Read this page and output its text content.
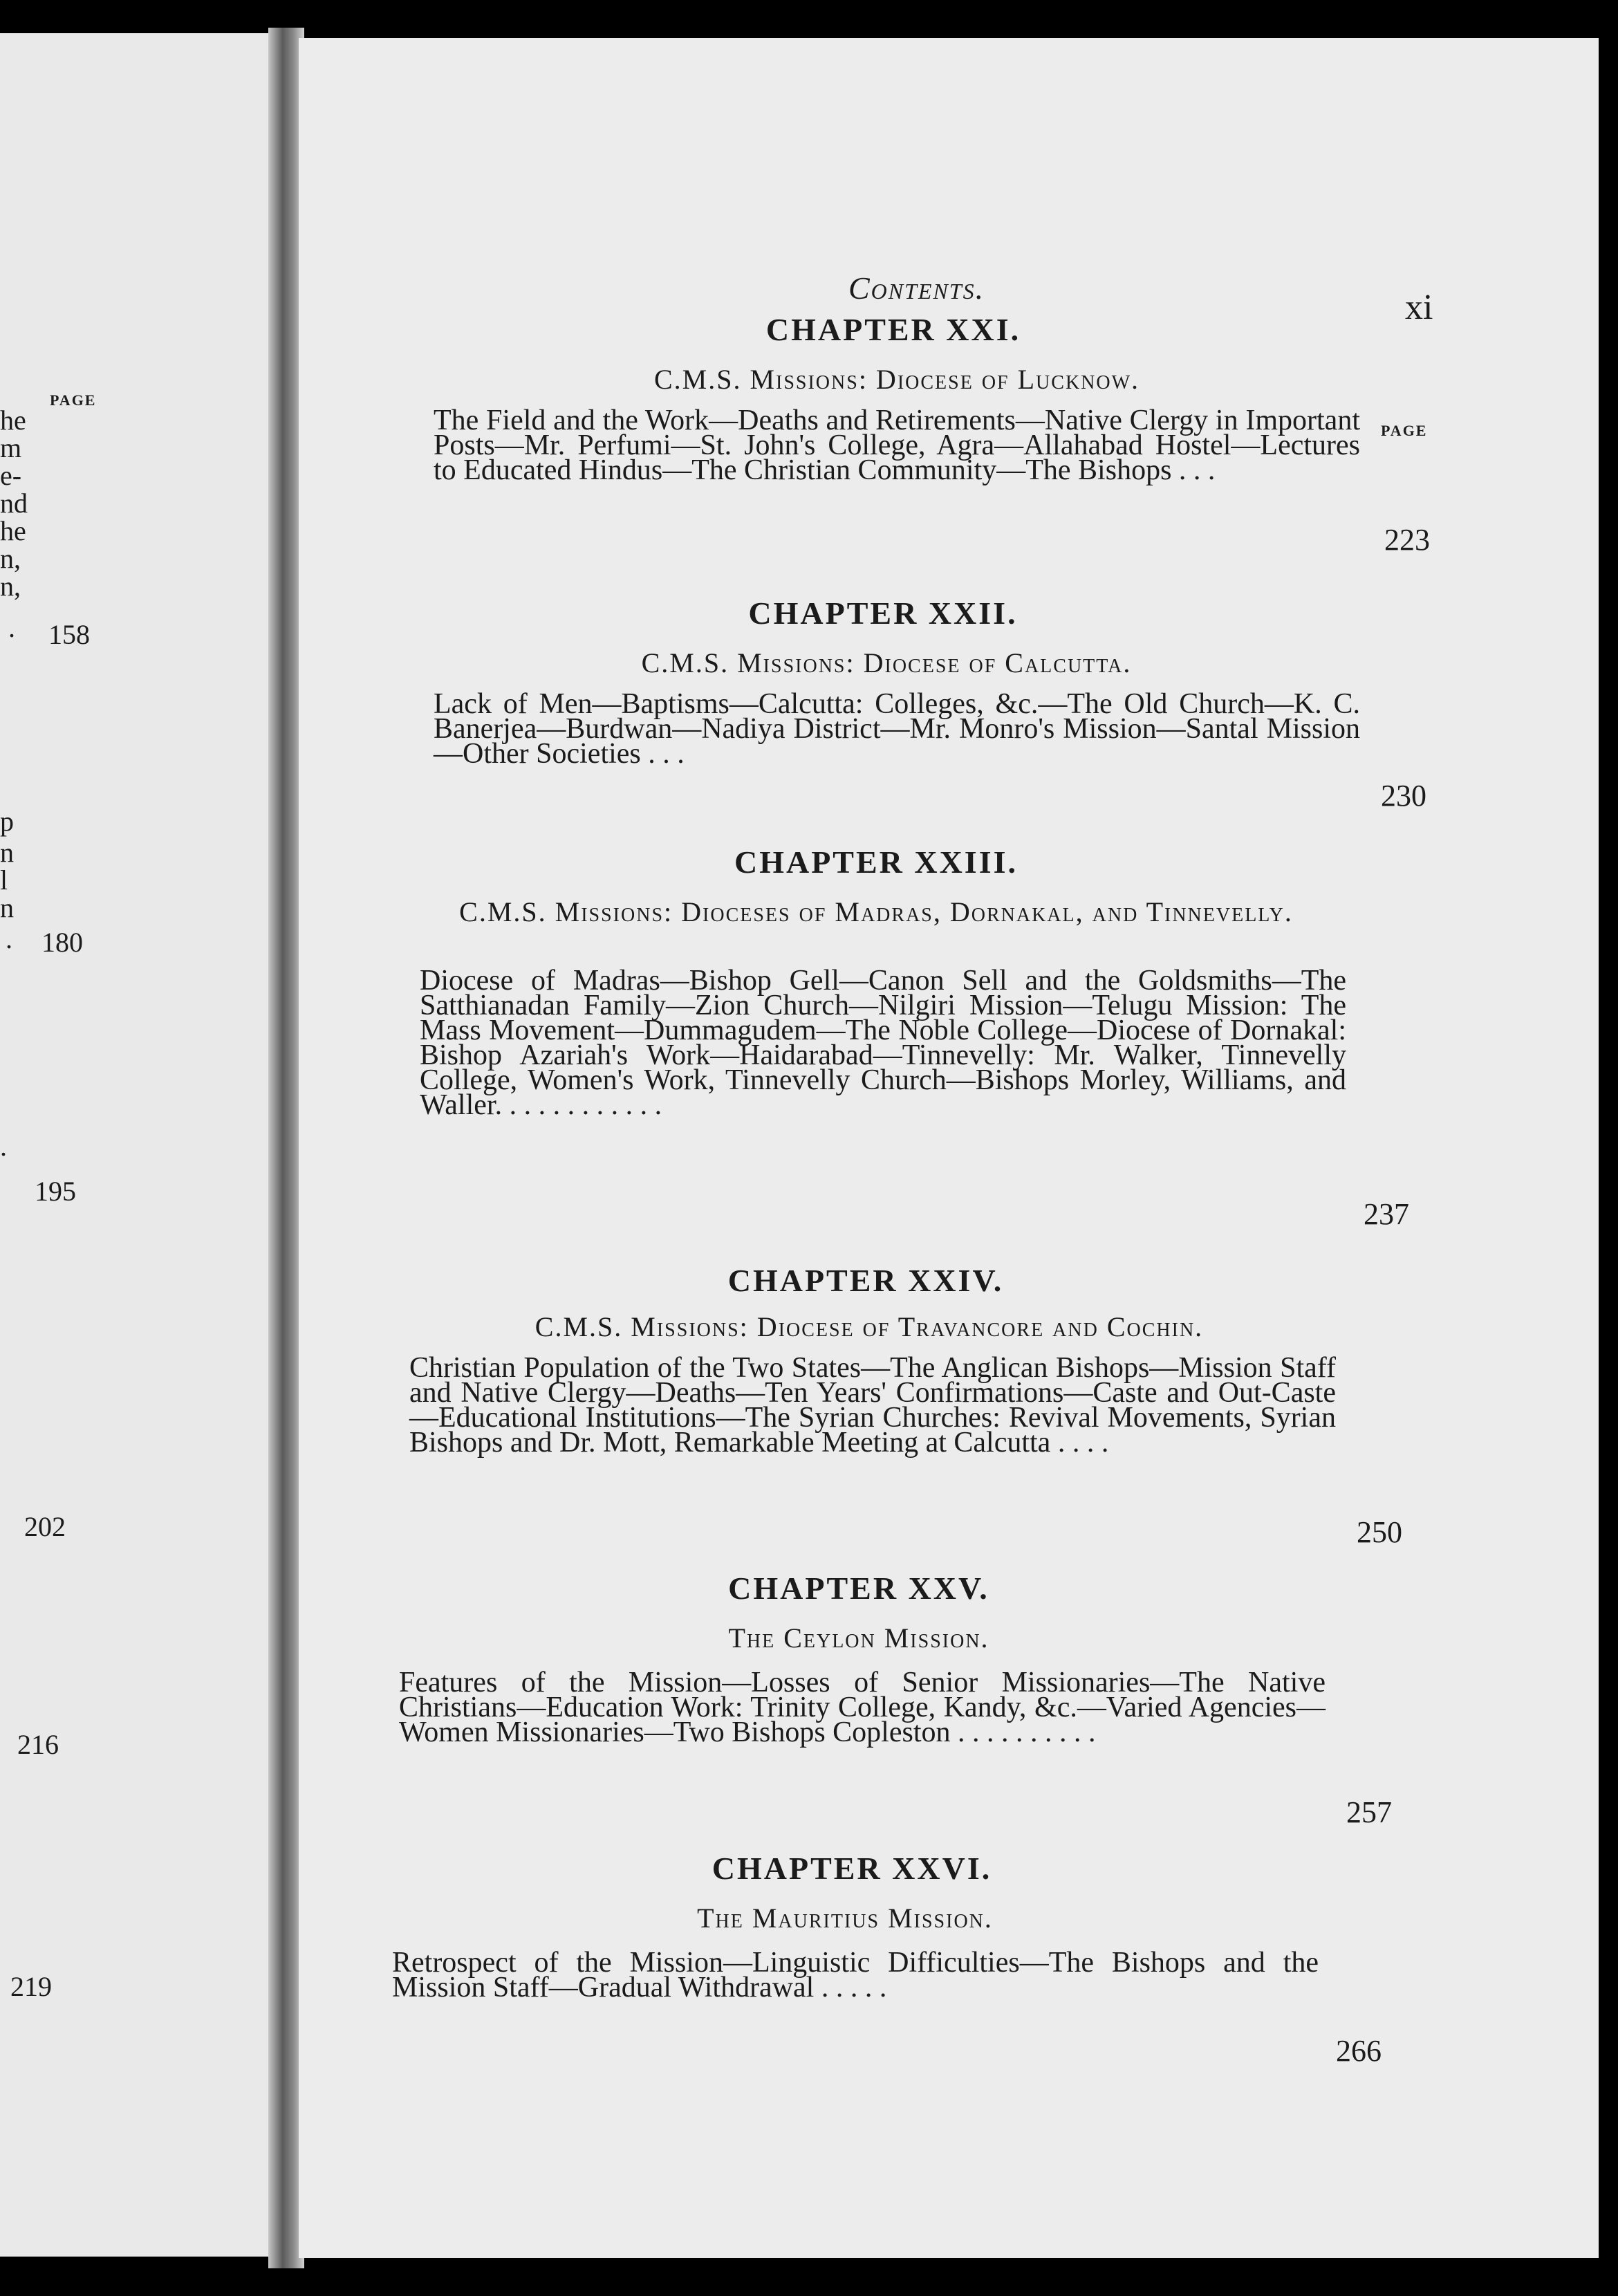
PAGE
he
m
e-
nd
he
n,
n,
. 158
p
n
l
n
. 180
.
195
202
216
219
Contents.	xi
PAGE
CHAPTER XXI.
C.M.S. Missions: Diocese of Lucknow.
The Field and the Work—Deaths and Retirements—Native Clergy in Important Posts—Mr. Perfumi—St. John's College, Agra—Allahabad Hostel—Lectures to Educated Hindus—The Christian Community—The Bishops . . .
223
CHAPTER XXII.
C.M.S. Missions: Diocese of Calcutta.
Lack of Men—Baptisms—Calcutta: Colleges, &c.—The Old Church—K. C. Banerjea—Burdwan—Nadiya District—Mr. Monro's Mission—Santal Mission—Other Societies . . .
230
CHAPTER XXIII.
C.M.S. Missions: Dioceses of Madras, Dornakal, and Tinnevelly.
Diocese of Madras—Bishop Gell—Canon Sell and the Goldsmiths—The Satthianadan Family—Zion Church—Nilgiri Mission—Telugu Mission: The Mass Movement—Dummagudem—The Noble College—Diocese of Dornakal: Bishop Azariah's Work—Haidarabad—Tinnevelly: Mr. Walker, Tinnevelly College, Women's Work, Tinnevelly Church—Bishops Morley, Williams, and Waller. . . . . . . . . . . .
237
CHAPTER XXIV.
C.M.S. Missions: Diocese of Travancore and Cochin.
Christian Population of the Two States—The Anglican Bishops—Mission Staff and Native Clergy—Deaths—Ten Years' Confirmations—Caste and Out-Caste—Educational Institutions—The Syrian Churches: Revival Movements, Syrian Bishops and Dr. Mott, Remarkable Meeting at Calcutta . . . .
250
CHAPTER XXV.
The Ceylon Mission.
Features of the Mission—Losses of Senior Missionaries—The Native Christians—Education Work: Trinity College, Kandy, &c.—Varied Agencies—Women Missionaries—Two Bishops Copleston . . . . . . . . . .
257
CHAPTER XXVI.
The Mauritius Mission.
Retrospect of the Mission—Linguistic Difficulties—The Bishops and the Mission Staff—Gradual Withdrawal . . . . .
266
